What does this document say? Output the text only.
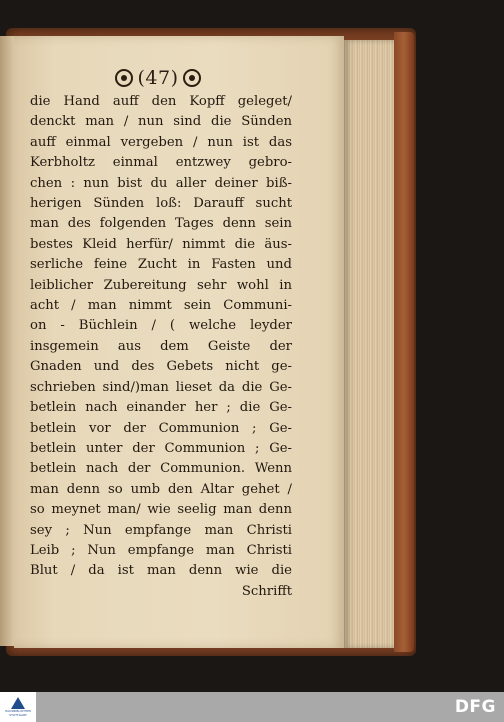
(47)
die Hand auff den Kopff geleget/
denckt man / nun sind die Sünden
auff einmal vergeben / nun ist das
Kerbholtz einmal entzwey gebro-
chen : nun bist du aller deiner biß-
herigen Sünden loß: Darauff sucht
man des folgenden Tages denn sein
bestes Kleid herfür/ nimmt die äus-
serliche feine Zucht in Fasten und
leiblicher Zubereitung sehr wohl in
acht / man nimmt sein Communi-
on - Büchlein / ( welche leyder
insgemein aus dem Geiste der
Gnaden und des Gebets nicht ge-
schrieben sind/)man lieset da die Ge-
betlein nach einander her ; die Ge-
betlein vor der Communion ; Ge-
betlein unter der Communion ; Ge-
betlein nach der Communion. Wenn
man denn so umb den Altar gehet /
so meynet man/ wie seelig man denn
sey ; Nun empfange man Christi
Leib ; Nun empfange man Christi
Blut / da ist man denn wie die
Schrifft
HAUSBIBLIOTHEK STUTTGART	DFG
